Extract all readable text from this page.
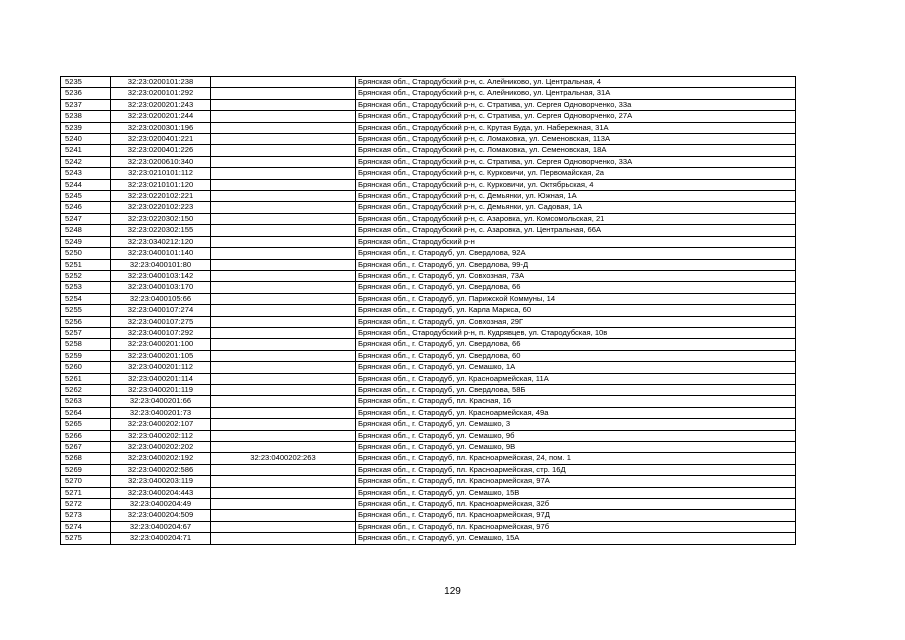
5235	32:23:0200101:238		Брянская обл., Стародубский р-н, с. Алейниково, ул. Центральная, 4
5236	32:23:0200101:292		Брянская обл., Стародубский р-н, с. Алейниково, ул. Центральная, 31А
5237	32:23:0200201:243		Брянская обл., Стародубский р-н, с. Стратива, ул. Сергея Одноворченко, 33а
5238	32:23:0200201:244		Брянская обл., Стародубский р-н, с. Стратива, ул. Сергея Одноворченко, 27А
5239	32:23:0200301:196		Брянская обл., Стародубский р-н, с. Крутая Буда, ул. Набережная, 31А
5240	32:23:0200401:221		Брянская обл., Стародубский р-н, с. Ломаковка, ул. Семеновская, 113А
5241	32:23:0200401:226		Брянская обл., Стародубский р-н, с. Ломаковка, ул. Семеновская, 18А
5242	32:23:0200610:340		Брянская обл., Стародубский р-н, с. Стратива, ул. Сергея Одноворченко, 33А
5243	32:23:0210101:112		Брянская обл., Стародубский р-н, с. Курковичи, ул. Первомайская, 2а
5244	32:23:0210101:120		Брянская обл., Стародубский р-н, с. Курковичи, ул. Октябрьская, 4
5245	32:23:0220102:221		Брянская обл., Стародубский р-н, с. Демьянки, ул. Южная, 1А
5246	32:23:0220102:223		Брянская обл., Стародубский р-н, с. Демьянки, ул. Садовая, 1А
5247	32:23:0220302:150		Брянская обл., Стародубский р-н, с. Азаровка, ул. Комсомольская, 21
5248	32:23:0220302:155		Брянская обл., Стародубский р-н, с. Азаровка, ул. Центральная, 66А
5249	32:23:0340212:120		Брянская обл., Стародубский р-н
5250	32:23:0400101:140		Брянская обл., г. Стародуб, ул. Свердлова, 92А
5251	32:23:0400101:80		Брянская обл., г. Стародуб, ул. Свердлова, 99-Д
5252	32:23:0400103:142		Брянская обл., г. Стародуб, ул. Совхозная, 73А
5253	32:23:0400103:170		Брянская обл., г. Стародуб, ул. Свердлова, 66
5254	32:23:0400105:66		Брянская обл., г. Стародуб, ул. Парижской Коммуны, 14
5255	32:23:0400107:274		Брянская обл., г. Стародуб, ул. Карла Маркса, 60
5256	32:23:0400107:275		Брянская обл., г. Стародуб, ул. Совхозная, 29Г
5257	32:23:0400107:292		Брянская обл., Стародубский р-н, п. Кудрявцев, ул. Стародубская, 10в
5258	32:23:0400201:100		Брянская обл., г. Стародуб, ул. Свердлова, 66
5259	32:23:0400201:105		Брянская обл., г. Стародуб, ул. Свердлова, 60
5260	32:23:0400201:112		Брянская обл., г. Стародуб, ул. Семашко, 1А
5261	32:23:0400201:114		Брянская обл., г. Стародуб, ул. Красноармейская, 11А
5262	32:23:0400201:119		Брянская обл., г. Стародуб, ул. Свердлова, 58Б
5263	32:23:0400201:66		Брянская обл., г. Стародуб, пл. Красная, 16
5264	32:23:0400201:73		Брянская обл., г. Стародуб, ул. Красноармейская, 49а
5265	32:23:0400202:107		Брянская обл., г. Стародуб, ул. Семашко, 3
5266	32:23:0400202:112		Брянская обл., г. Стародуб, ул. Семашко, 9б
5267	32:23:0400202:202		Брянская обл., г. Стародуб, ул. Семашко, 9В
5268	32:23:0400202:192	32:23:0400202:263	Брянская обл., г. Стародуб, пл. Красноармейская, 24, пом. 1
5269	32:23:0400202:586		Брянская обл., г. Стародуб, пл. Красноармейская, стр. 16Д
5270	32:23:0400203:119		Брянская обл., г. Стародуб, пл. Красноармейская, 97А
5271	32:23:0400204:443		Брянская обл., г. Стародуб, ул. Семашко, 15В
5272	32:23:0400204:49		Брянская обл., г. Стародуб, пл. Красноармейская, 32б
5273	32:23:0400204:509		Брянская обл., г. Стародуб, пл. Красноармейская, 97Д
5274	32:23:0400204:67		Брянская обл., г. Стародуб, пл. Красноармейская, 97б
5275	32:23:0400204:71		Брянская обл., г. Стародуб, ул. Семашко, 15А
129
